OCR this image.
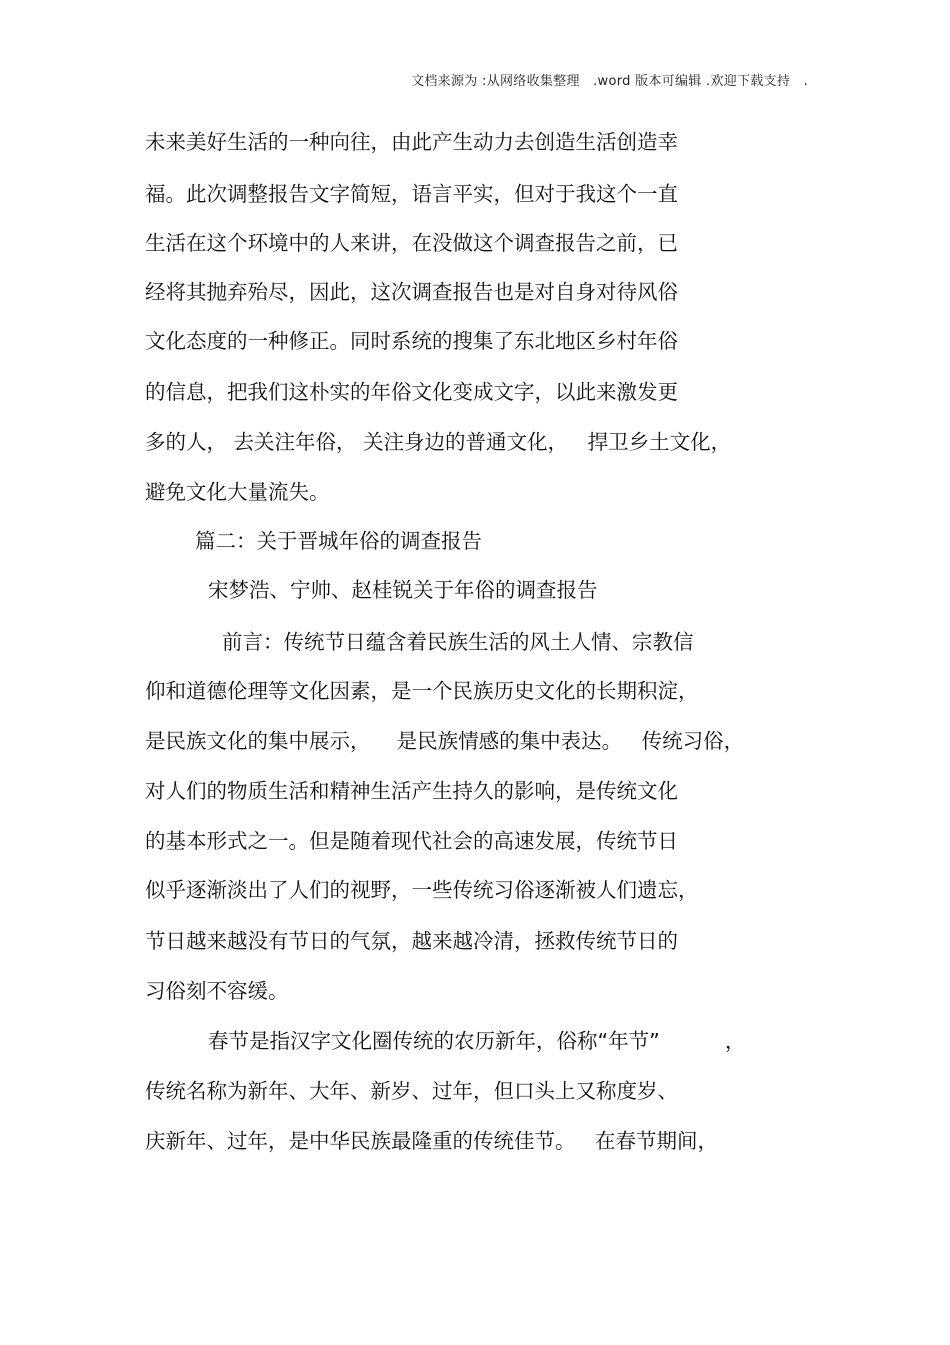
文档来源为 :从网络收集整理   .word 版本可编辑 .欢迎下载支持   .
未来美好生活的一种向往，由此产生动力去创造生活创造幸
福。此次调整报告文字简短，语言平实，但对于我这个一直
生活在这个环境中的人来讲，在没做这个调查报告之前，已
经将其抛弃殆尽，因此，这次调查报告也是对自身对待风俗
文化态度的一种修正。同时系统的搜集了东北地区乡村年俗
的信息，把我们这朴实的年俗文化变成文字，以此来激发更
多的人， 去关注年俗， 关注身边的普通文化，   捍卫乡土文化，
避免文化大量流失。
篇二：关于晋城年俗的调查报告
宋梦浩、宁帅、赵桂锐关于年俗的调查报告
前言：传统节日蕴含着民族生活的风土人情、宗教信
仰和道德伦理等文化因素，是一个民族历史文化的长期积淀，
是民族文化的集中展示，    是民族情感的集中表达。   传统习俗，
对人们的物质生活和精神生活产生持久的影响，是传统文化
的基本形式之一。但是随着现代社会的高速发展，传统节日
似乎逐渐淡出了人们的视野，一些传统习俗逐渐被人们遗忘，
节日越来越没有节日的气氛，越来越冷清，拯救传统节日的
习俗刻不容缓。
春节是指汉字文化圈传统的农历新年，俗称“年节”          ，
传统名称为新年、大年、新岁、过年，但口头上又称度岁、
庆新年、过年，是中华民族最隆重的传统佳节。   在春节期间，
